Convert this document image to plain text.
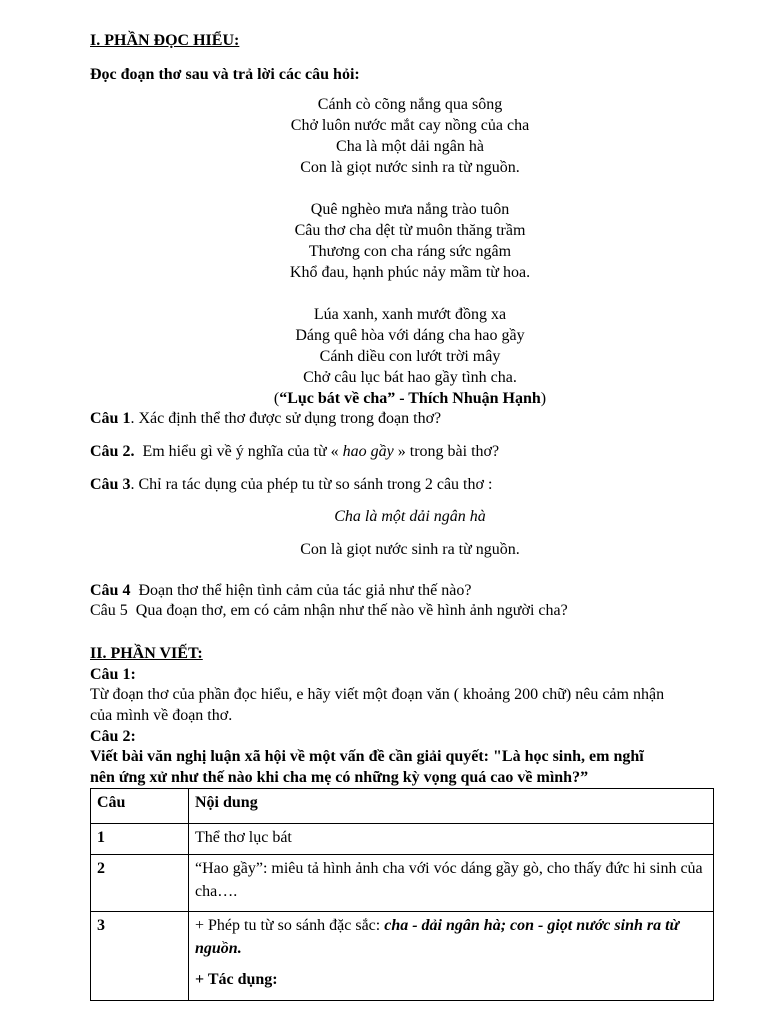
I. PHẦN ĐỌC HIỂU:
Đọc đoạn thơ sau và trả lời các câu hỏi:
Cánh cò cõng nắng qua sông
Chở luôn nước mắt cay nồng của cha
Cha là một dải ngân hà
Con là giọt nước sinh ra từ nguồn.
Quê nghèo mưa nắng trào tuôn
Câu thơ cha dệt từ muôn thăng trầm
Thương con cha ráng sức ngâm
Khổ đau, hạnh phúc nảy mầm từ hoa.
Lúa xanh, xanh mướt đồng xa
Dáng quê hòa với dáng cha hao gầy
Cánh diều con lướt trời mây
Chở câu lục bát hao gầy tình cha.
(“Lục bát về cha” - Thích Nhuận Hạnh)
Câu 1. Xác định thể thơ được sử dụng trong đoạn thơ?
Câu 2.  Em hiểu gì về ý nghĩa của từ « hao gầy » trong bài thơ?
Câu 3. Chỉ ra tác dụng của phép tu từ so sánh trong 2 câu thơ :
Cha là một dải ngân hà
Con là giọt nước sinh ra từ nguồn.
Câu 4  Đoạn thơ thể hiện tình cảm của tác giả như thế nào?
Câu 5  Qua đoạn thơ, em có cảm nhận như thế nào về hình ảnh người cha?
II. PHẦN VIẾT:
Câu 1:
Từ đoạn thơ của phần đọc hiểu, e hãy viết một đoạn văn ( khoảng 200 chữ) nêu cảm nhận
của mình về đoạn thơ.
Câu 2:
Viết bài văn nghị luận xã hội về một vấn đề cần giải quyết: "Là học sinh, em nghĩ
nên ứng xử như thế nào khi cha mẹ có những kỳ vọng quá cao về mình?”
Câu	Nội dung
1	Thể thơ lục bát
2	“Hao gầy”: miêu tả hình ảnh cha với vóc dáng gầy gò, cho thấy đức hi sinh của cha….
3	+ Phép tu từ so sánh đặc sắc: cha - dải ngân hà; con - giọt nước sinh ra từ nguồn.
+ Tác dụng:
